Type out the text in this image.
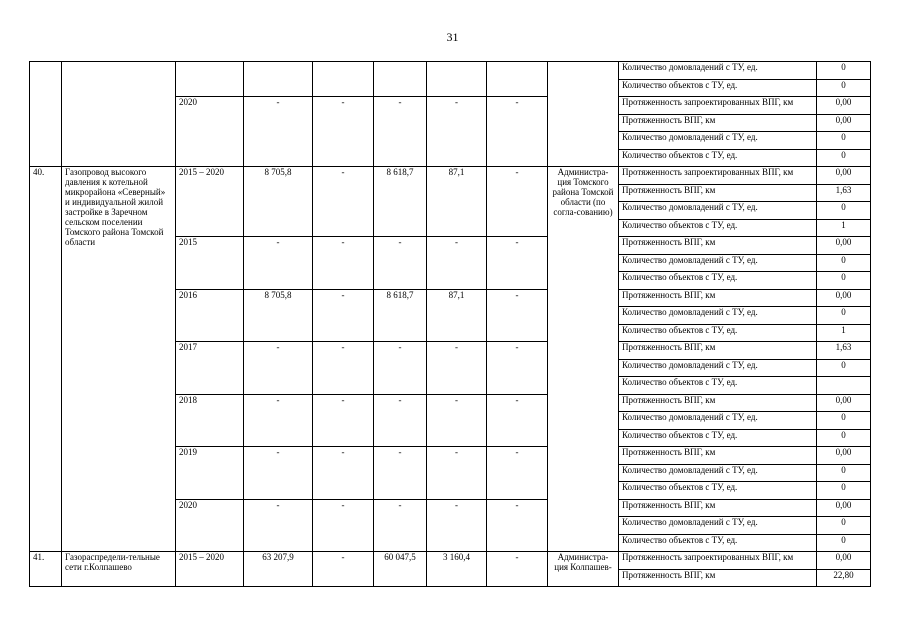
31
									Количество домовладений с ТУ, ед.	0
									Количество объектов с ТУ, ед.	0
		2020	-	-	-	-	-		Протяженность запроектированных ВПГ, км	0,00
									Протяженность ВПГ, км	0,00
									Количество домовладений с ТУ, ед.	0
									Количество объектов с ТУ, ед.	0
40.	Газопровод высокого давления к котельной микрорайона «Северный» и индивидуальной жилой застройке в Заречном сельском поселении Томского района Томской области	2015 – 2020	8 705,8	-	8 618,7	87,1	-	Администра-ция Томского района Томской области (по согла-сованию)	Протяженность запроектированных ВПГ, км	0,00
									Протяженность ВПГ, км	1,63
									Количество домовладений с ТУ, ед.	0
									Количество объектов с ТУ, ед.	1
		2015	-	-	-	-	-		Протяженность ВПГ, км	0,00
									Количество домовладений с ТУ, ед.	0
									Количество объектов с ТУ, ед.	0
		2016	8 705,8	-	8 618,7	87,1	-		Протяженность ВПГ, км	0,00
									Количество домовладений с ТУ, ед.	0
									Количество объектов с ТУ, ед.	1
		2017	-	-	-	-	-		Протяженность ВПГ, км	1,63
									Количество домовладений с ТУ, ед.	0
									Количество объектов с ТУ, ед.	
		2018	-	-	-	-	-		Протяженность ВПГ, км	0,00
									Количество домовладений с ТУ, ед.	0
									Количество объектов с ТУ, ед.	0
		2019	-	-	-	-	-		Протяженность ВПГ, км	0,00
									Количество домовладений с ТУ, ед.	0
									Количество объектов с ТУ, ед.	0
		2020	-	-	-	-	-		Протяженность ВПГ, км	0,00
									Количество домовладений с ТУ, ед.	0
									Количество объектов с ТУ, ед.	0
41.	Газораспредели-тельные сети г.Колпашево	2015 – 2020	63 207,9	-	60 047,5	3 160,4	-	Администра-ция Колпашев-	Протяженность запроектированных ВПГ, км	0,00
									Протяженность ВПГ, км	22,80
